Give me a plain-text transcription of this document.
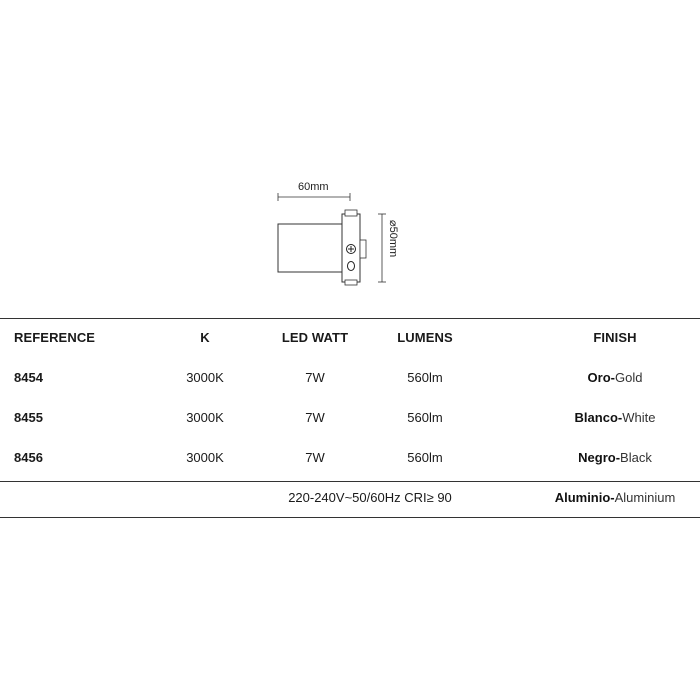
60mm
⌀50mm
REFERENCE	K	LED WATT	LUMENS	FINISH
8454	3000K	7W	560lm	Oro-Gold
8455	3000K	7W	560lm	Blanco-White
8456	3000K	7W	560lm	Negro-Black
220-240V~50/60Hz CRI≥ 90	Aluminio-Aluminium
